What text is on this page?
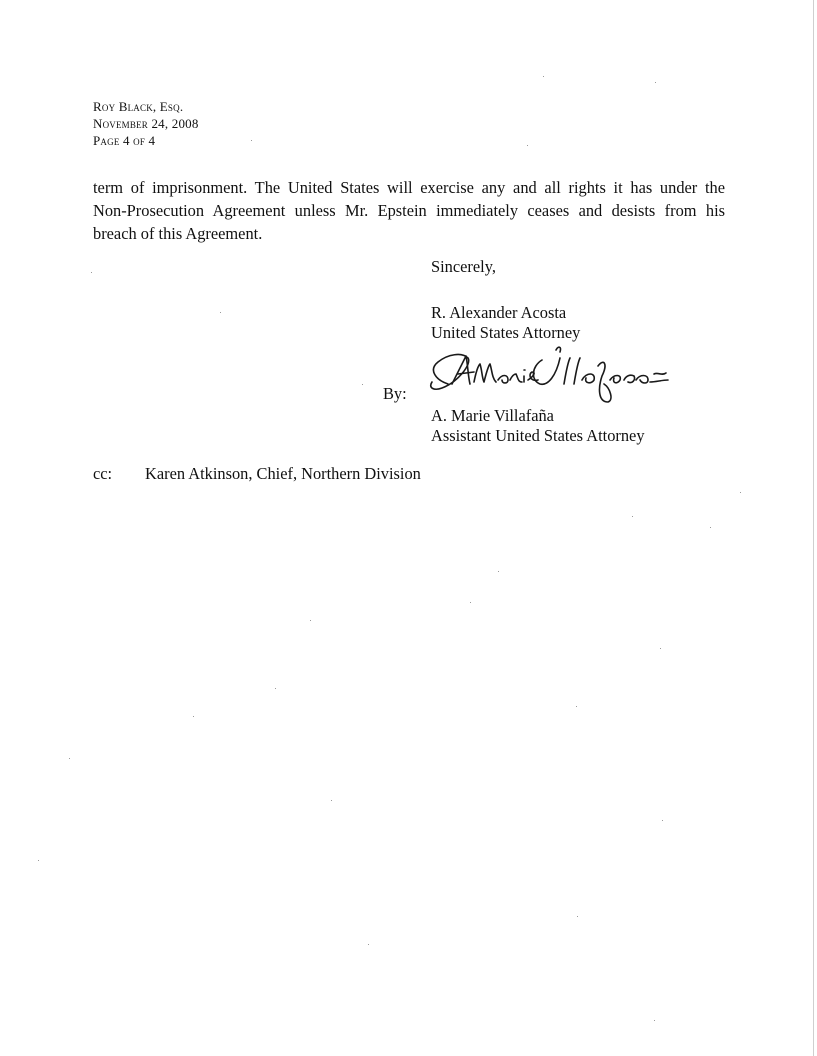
Roy Black, Esq.
November 24, 2008
Page 4 of 4
term of imprisonment. The United States will exercise any and all rights it has under the
Non-Prosecution Agreement unless Mr. Epstein immediately ceases and desists from his
breach of this Agreement.
Sincerely,
R. Alexander Acosta
United States Attorney
By:
A. Marie Villafaña
Assistant United States Attorney
cc: Karen Atkinson, Chief, Northern Division
